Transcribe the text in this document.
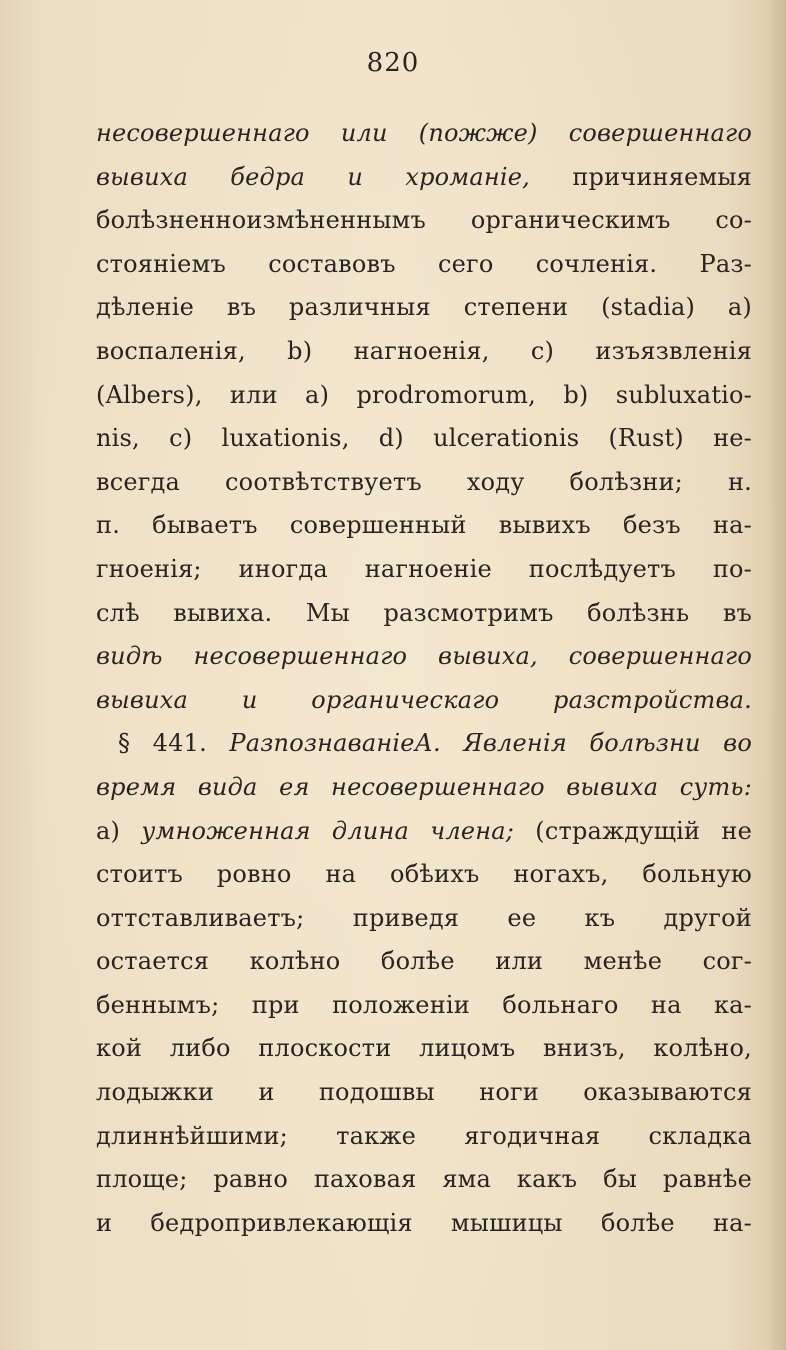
820
несовершеннаго или (пожже) совершеннаго
вывиха бедра и хроманіе, причиняемыя
болѣзненноизмѣненнымъ органическимъ со-
стояніемъ составовъ сего сочленія. Раз-
дѣленіе въ различныя степени (stadia) а)
воспаленія, b) нагноенія, c) изъязвленія
(Albers), или a) prodromorum, b) subluxatio-
nis, c) luxationis, d) ulcerationis (Rust) не-
всегда соотвѣтствуетъ ходу болѣзни; н.
п. бываетъ совершенный вывихъ безъ на-
гноенія; иногда нагноеніе послѣдуетъ по-
слѣ вывиха. Мы разсмотримъ болѣзнь въ
видѣ несовершеннаго вывиха, совершеннаго
вывиха и органическаго разстройства.
§ 441. РазпознаваніеА. Явленія болѣзни во
время вида ея несовершеннаго вывиха суть:
a) умноженная длина члена; (страждущій не
стоитъ ровно на обѣихъ ногахъ, больную
оттставливаетъ; приведя ее къ другой
остается колѣно болѣе или менѣе сог-
беннымъ; при положеніи больнаго на ка-
кой либо плоскости лицомъ внизъ, колѣно,
лодыжки и подошвы ноги оказываются
длиннѣйшими; также ягодичная складка
площе; равно паховая яма какъ бы равнѣе
и бедропривлекающія мышицы болѣе на-
